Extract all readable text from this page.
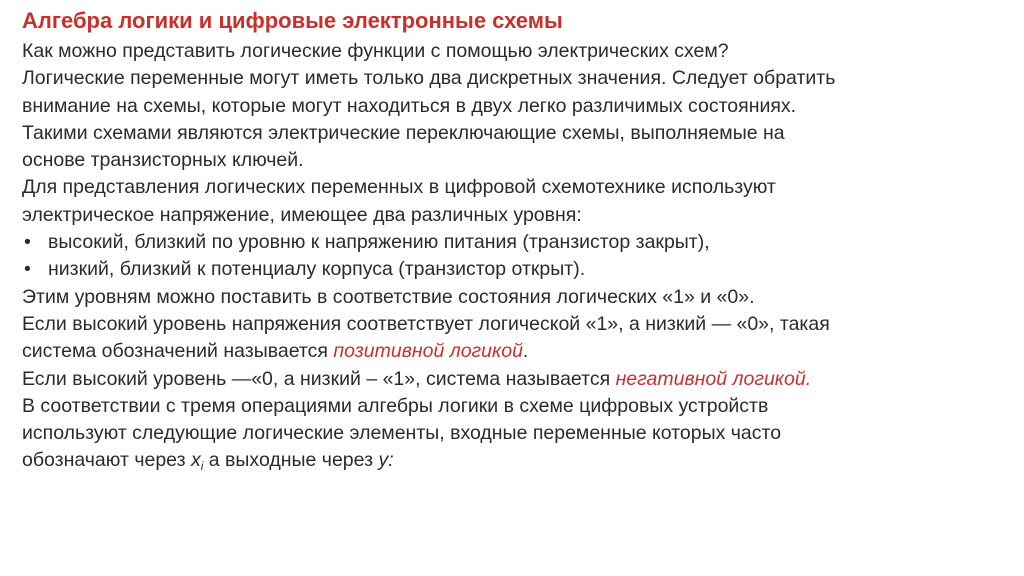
Алгебра логики и цифровые электронные схемы
Как можно представить логические функции с помощью электрических схем?
Логические переменные могут иметь только два дискретных значения. Следует обратить
внимание на схемы, которые могут находиться в двух легко различимых состояниях.
Такими схемами являются электрические переключающие схемы, выполняемые на
основе транзисторных ключей.
Для представления логических переменных в цифровой схемотехнике используют
электрическое напряжение, имеющее два различных уровня:
• высокий, близкий по уровню к напряжению питания (транзистор закрыт),
• низкий, близкий к потенциалу корпуса (транзистор открыт).
Этим уровням можно поставить в соответствие состояния логических «1» и «0».
Если высокий уровень напряжения соответствует логической «1», а низкий — «0», такая
система обозначений называется позитивной логикой.
Если высокий уровень —«0, а низкий – «1», система называется негативной логикой.
В соответствии с тремя операциями алгебры логики в схеме цифровых устройств
используют следующие логические элементы, входные переменные которых часто
обозначают через $x_i$ а выходные через y:
